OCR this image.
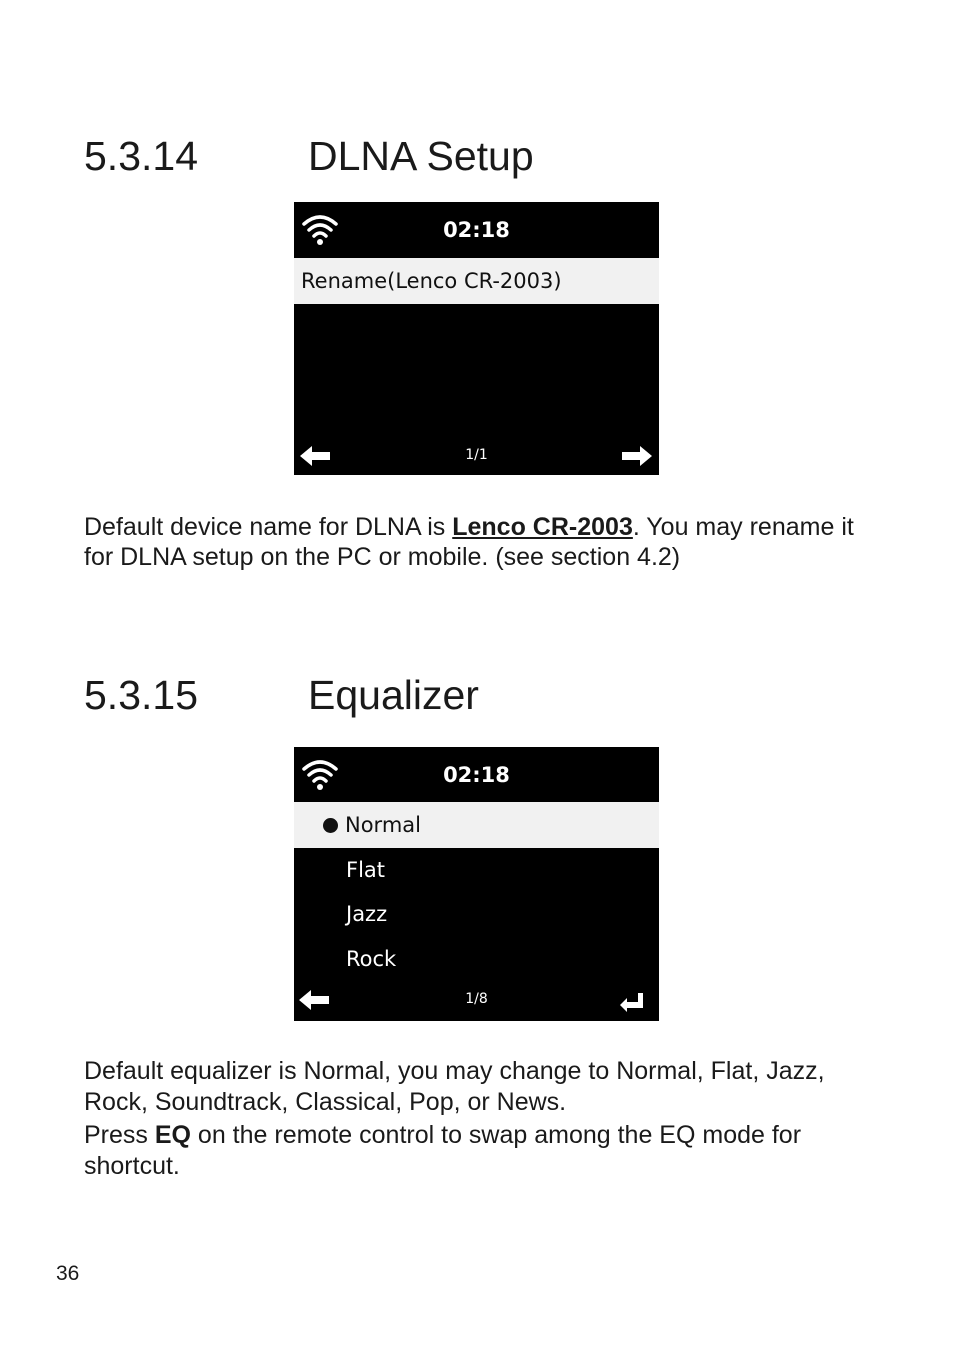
5.3.14	DLNA Setup
02:18
Rename(Lenco CR-2003)
1/1

Default device name for DLNA is Lenco CR-2003. You may rename it for DLNA setup on the PC or mobile. (see section 4.2)

5.3.15	Equalizer
02:18
Normal
Flat
Jazz
Rock
1/8

Default equalizer is Normal, you may change to Normal, Flat, Jazz, Rock, Soundtrack, Classical, Pop, or News.

Press EQ on the remote control to swap among the EQ mode for shortcut.

36
